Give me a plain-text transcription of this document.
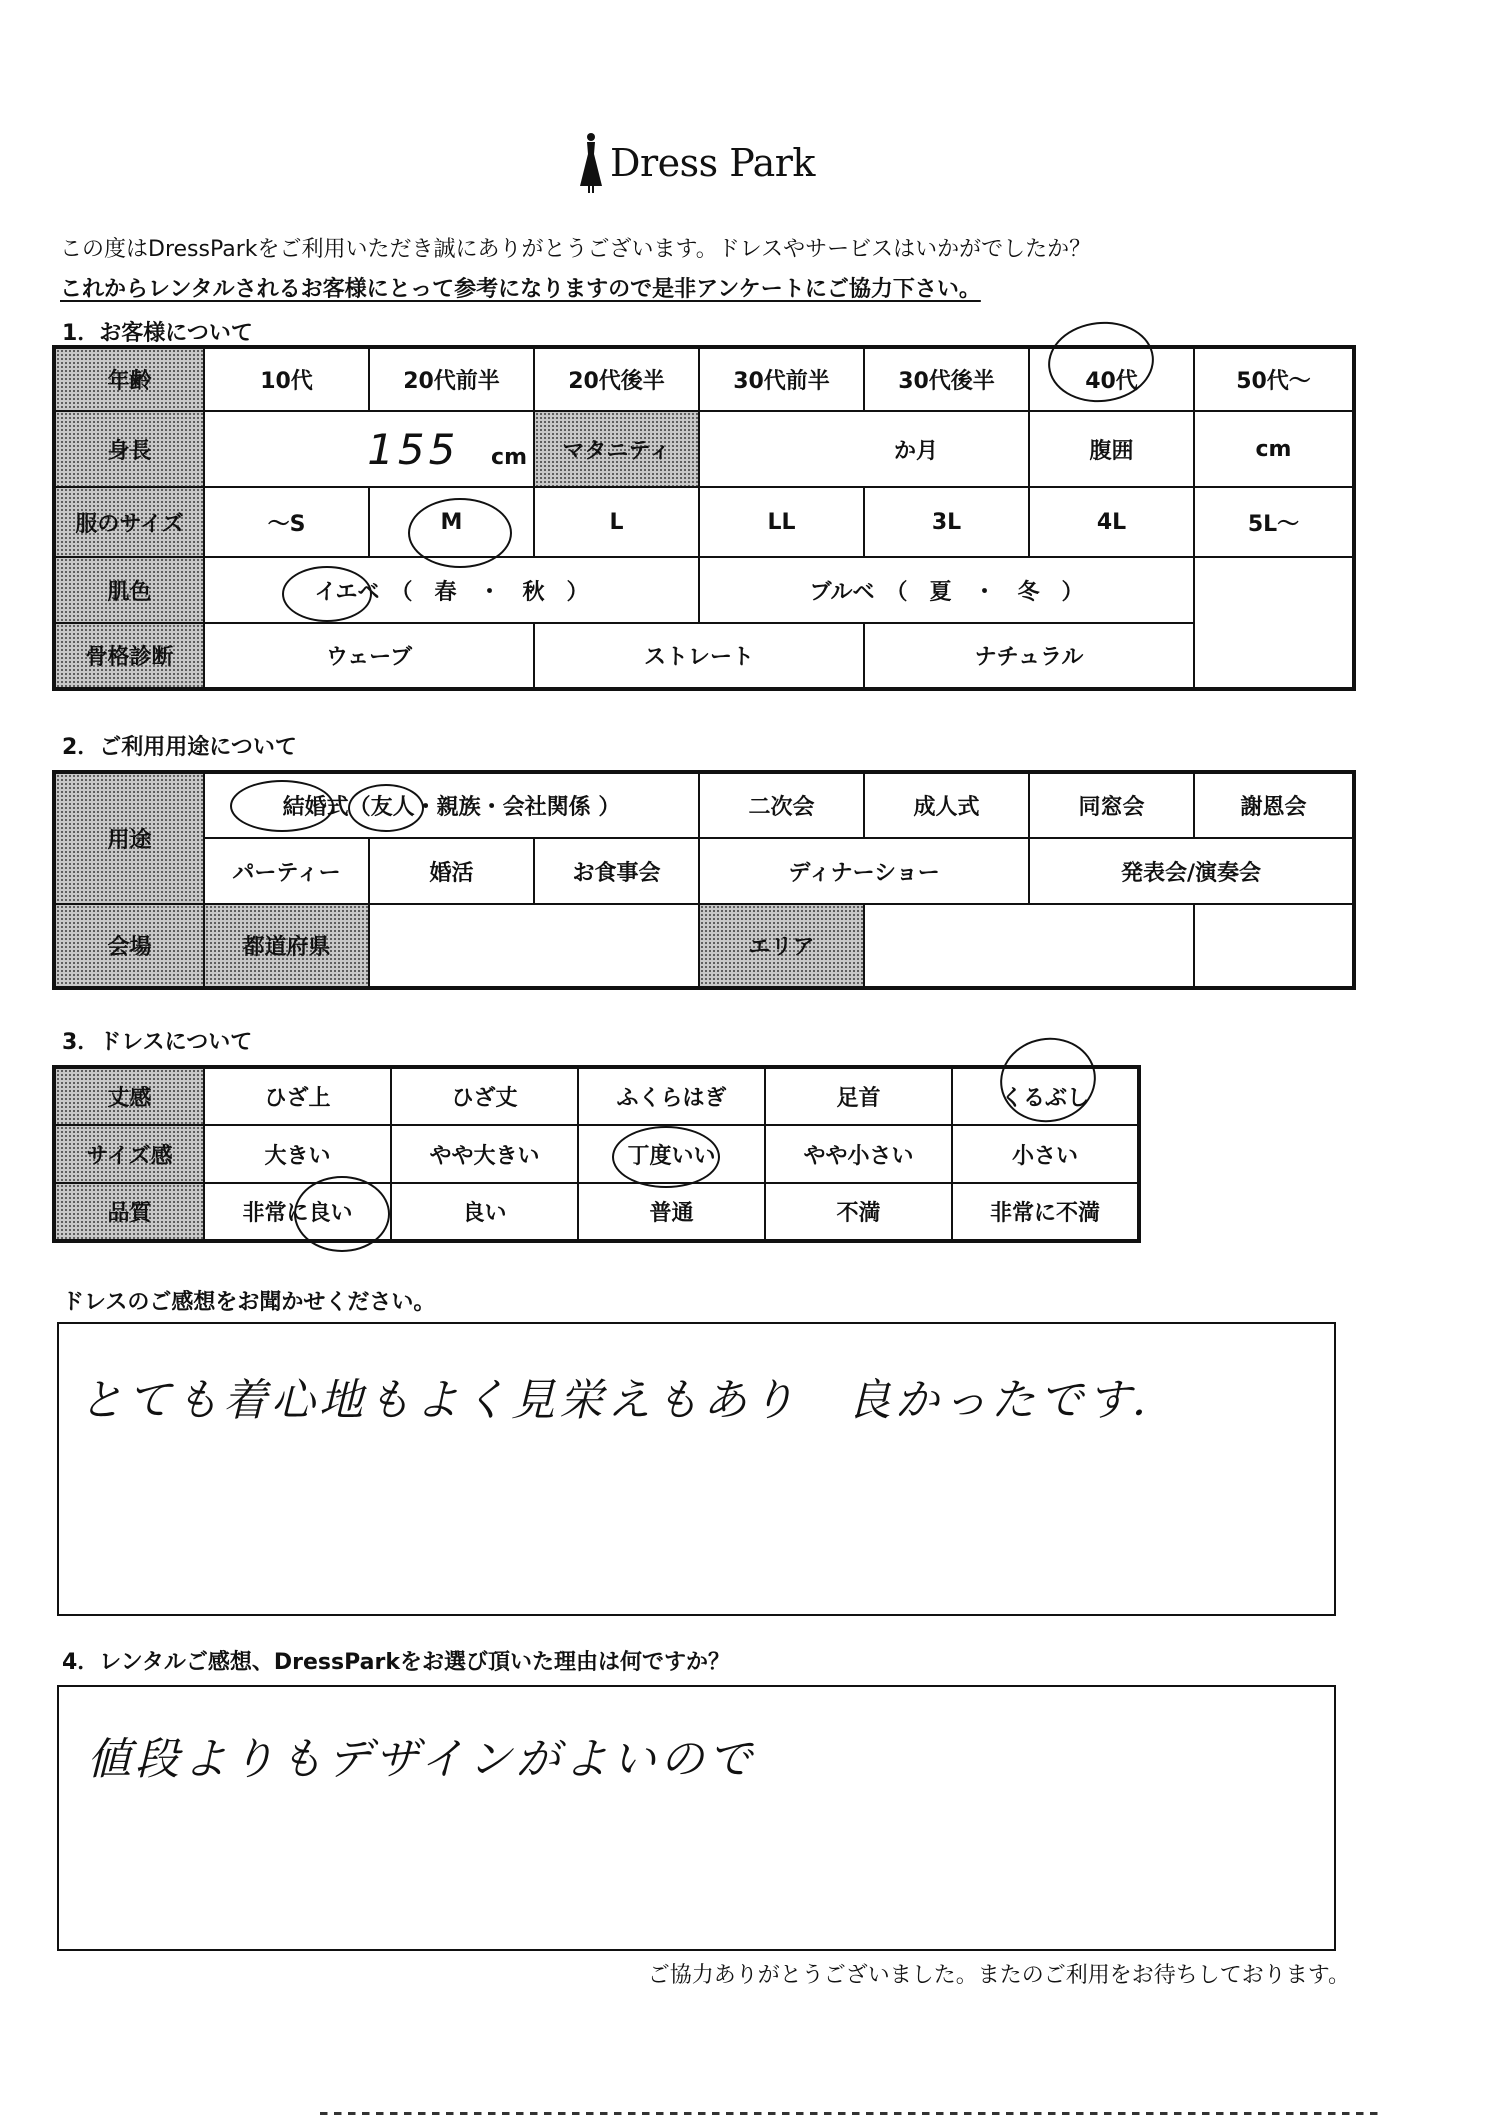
Dress Park
この度はDressParkをご利用いただき誠にありがとうございます。ドレスやサービスはいかがでしたか？
これからレンタルされるお客様にとって参考になりますので是非アンケートにご協力下さい。
1．お客様について
年齢	10代	20代前半	20代後半	30代前半	30代後半	40代	50代～
身長	155 cm		マタニティ	か月		腹囲	cm
服のサイズ	～S	M	L	LL	3L	4L	5L～
肌色	イエベ　（　春　・　秋　）			ブルベ　（　夏　・　冬　）			
骨格診断	ウェーブ		ストレート		ナチュラル		
2．ご利用用途について
用途	結婚式（友人・親族・会社関係 ）			二次会	成人式	同窓会	謝恩会
	パーティー	婚活	お食事会	ディナーショー		発表会/演奏会	
会場	都道府県			エリア			
3．ドレスについて
丈感	ひざ上	ひざ丈	ふくらはぎ	足首	くるぶし
サイズ感	大きい	やや大きい	丁度いい	やや小さい	小さい
品質	非常に良い	良い	普通	不満	非常に不満
ドレスのご感想をお聞かせください。
とても着心地もよく見栄えもあり　良かったです．
4．レンタルご感想、DressParkをお選び頂いた理由は何ですか？
値段よりもデザインがよいので
ご協力ありがとうございました。またのご利用をお待ちしております。
